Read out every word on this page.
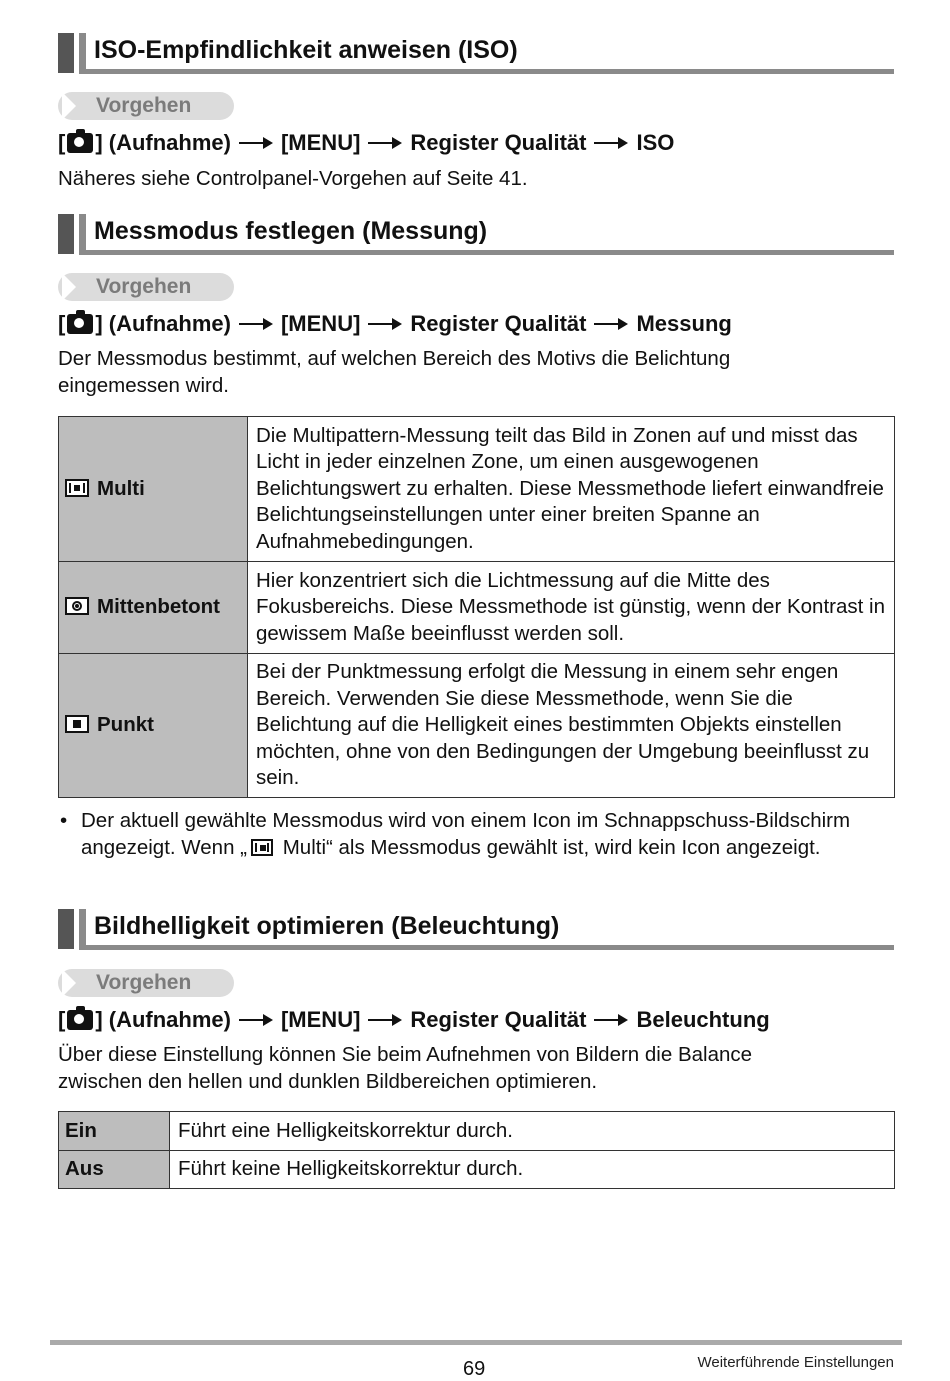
ISO-Empfindlichkeit anweisen (ISO)
Vorgehen
[ ] (Aufnahme) [MENU] Register Qualität ISO
Näheres siehe Controlpanel-Vorgehen auf Seite 41.
Messmodus festlegen (Messung)
Vorgehen
[ ] (Aufnahme) [MENU] Register Qualität Messung
Der Messmodus bestimmt, auf welchen Bereich des Motivs die Belichtung eingemessen wird.
Multi	Die Multipattern-Messung teilt das Bild in Zonen auf und misst das Licht in jeder einzelnen Zone, um einen ausgewogenen Belichtungswert zu erhalten. Diese Messmethode liefert einwandfreie Belichtungseinstellungen unter einer breiten Spanne an Aufnahmebedingungen.
Mittenbetont	Hier konzentriert sich die Lichtmessung auf die Mitte des Fokusbereichs. Diese Messmethode ist günstig, wenn der Kontrast in gewissem Maße beeinflusst werden soll.
Punkt	Bei der Punktmessung erfolgt die Messung in einem sehr engen Bereich. Verwenden Sie diese Messmethode, wenn Sie die Belichtung auf die Helligkeit eines bestimmten Objekts einstellen möchten, ohne von den Bedingungen der Umgebung beeinflusst zu sein.
• Der aktuell gewählte Messmodus wird von einem Icon im Schnappschuss-Bildschirm angezeigt. Wenn „ Multi“ als Messmodus gewählt ist, wird kein Icon angezeigt.
Bildhelligkeit optimieren (Beleuchtung)
Vorgehen
[ ] (Aufnahme) [MENU] Register Qualität Beleuchtung
Über diese Einstellung können Sie beim Aufnehmen von Bildern die Balance zwischen den hellen und dunklen Bildbereichen optimieren.
Ein	Führt eine Helligkeitskorrektur durch.
Aus	Führt keine Helligkeitskorrektur durch.
69	Weiterführende Einstellungen
